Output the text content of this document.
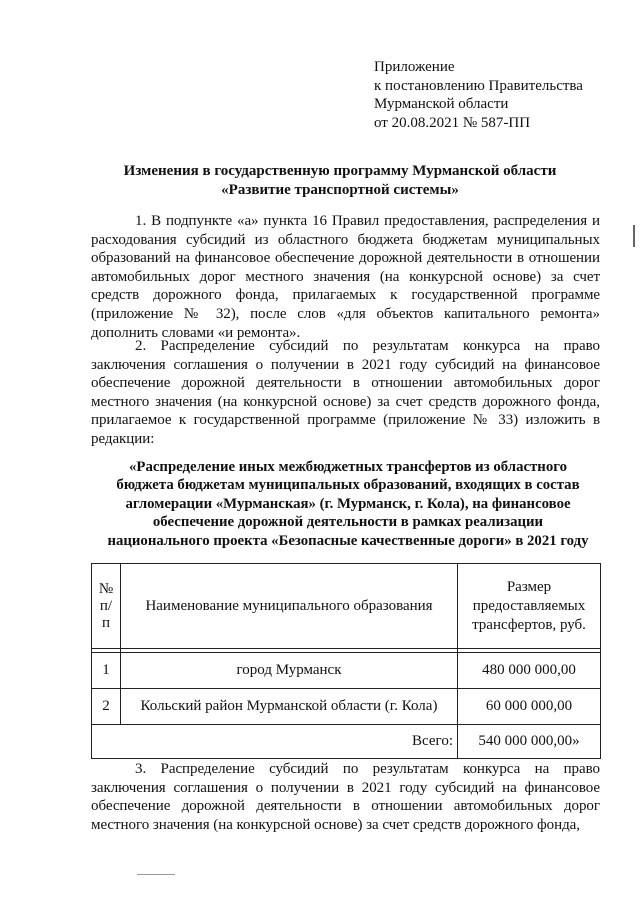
Приложение
к постановлению Правительства
Мурманской области
от 20.08.2021 № 587-ПП
Изменения в государственную программу Мурманской области
«Развитие транспортной системы»
1. В подпункте «а» пункта 16 Правил предоставления, распределения и расходования субсидий из областного бюджета бюджетам муниципальных образований на финансовое обеспечение дорожной деятельности в отношении автомобильных дорог местного значения (на конкурсной основе) за счет средств дорожного фонда, прилагаемых к государственной программе (приложение № 32), после слов «для объектов капитального ремонта» дополнить словами «и ремонта».
2. Распределение субсидий по результатам конкурса на право заключения соглашения о получении в 2021 году субсидий на финансовое обеспечение дорожной деятельности в отношении автомобильных дорог местного значения (на конкурсной основе) за счет средств дорожного фонда, прилагаемое к государственной программе (приложение № 33) изложить в редакции:
«Распределение иных межбюджетных трансфертов из областного
бюджета бюджетам муниципальных образований, входящих в состав
агломерации «Мурманская» (г. Мурманск, г. Кола), на финансовое
обеспечение дорожной деятельности в рамках реализации
национального проекта «Безопасные качественные дороги» в 2021 году
№ п/п	Наименование муниципального образования	Размер предоставляемых трансфертов, руб.

1	город Мурманск	480 000 000,00
2	Кольский район Мурманской области (г. Кола)	60 000 000,00
Всего:		540 000 000,00»
3. Распределение субсидий по результатам конкурса на право заключения соглашения о получении в 2021 году субсидий на финансовое обеспечение дорожной деятельности в отношении автомобильных дорог местного значения (на конкурсной основе) за счет средств дорожного фонда,
